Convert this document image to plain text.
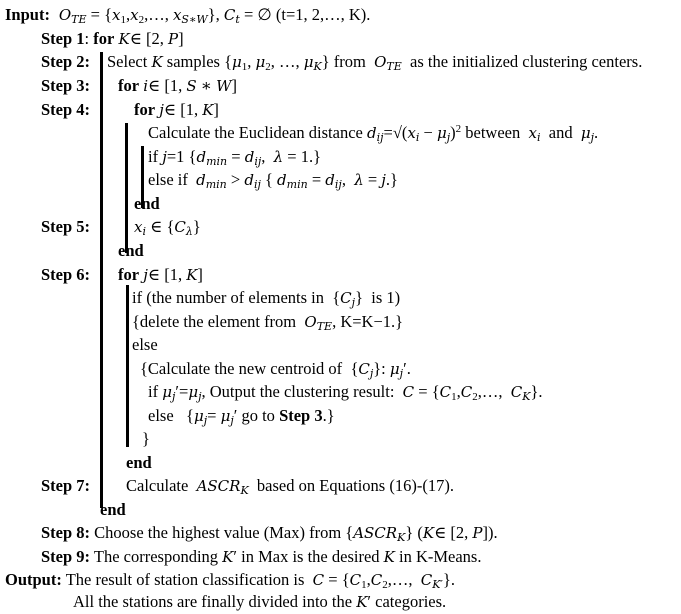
Input:  $O_{TE}$ = {$x_1,x_2,\dots$, $x_{S∗W}$}, $C_t$ = ∅ (t=1, 2,…, K).
Step 1: for K∈ [2, P]
Step 2: Select K samples {$\mu_1$, $\mu_2$, …, $\mu_K$} from  $O_{TE}$  as the initialized clustering centers.
Step 3: for i∈ [1, S ∗ W]
Step 4:	for j∈ [1, K]
Calculate the Euclidean distance $d_{ij}=√(x_i - \mu_j)^2$ between  $x_i$  and  $\mu_j$.
if j=1 {$d_{min} = d_{ij}$,  λ = 1.}
else if  $d_{min} > d_{ij}$ { $d_{min} = d_{ij}$,  λ = j.}
end
Step 5:	$x_i$ ∈ $\{C_\lambda\}$
end
Step 6: for j∈ [1, K]
if (the number of elements in  $\{C_j\}$  is 1)
{delete the element from  $O_{TE}$, K=K−1.}
else
{Calculate the new centroid of  $\{C_j\}$: $\mu_j'$.
if $\mu_j'=\mu_j$, Output the clustering result:  $C = \{C_1,C_2,\dots$,  $C_K$}.
else   {$\mu_j= \mu_j'$ go to Step 3.}
}
end
Step 7: Calculate  $ASCR_K$  based on Equations (16)-(17).
end
Step 8: Choose the highest value (Max) from $\{ASCR_K\}$ (K∈ [2, P]).
Step 9: The corresponding K′ in Max is the desired K in K-Means.
Output: The result of station classification is  $C = \{C_1,C_2,\dots$,  $C_{K'}$}.
All the stations are finally divided into the K′ categories.
